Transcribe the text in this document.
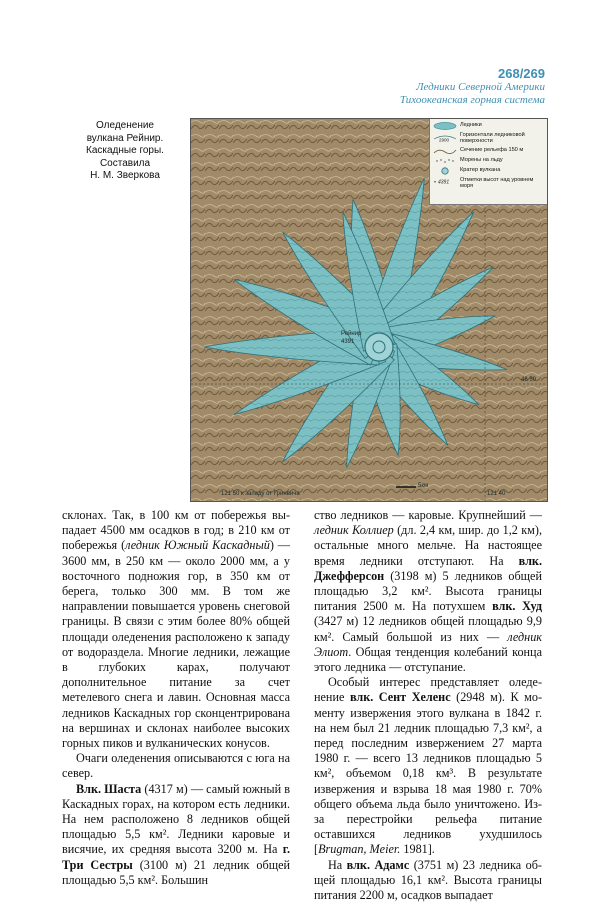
268/269
Ледники Северной Америки
Тихоокеанская горная система
Оледенение
вулкана Рейнир.
Каскадные горы.
Составила
Н. М. Зверкова
Рейнир
4391
46 50
121 50 к западу от Гринвича	121 40
5км
Ледники
2900
Горизонтали ледниковой поверхности
Сечение рельефа 150 м
Морены на льду
Кратер вулкана
• 4391 Отметки высот над уровнем моря

склонах. Так, в 100 км от побережья выпадает 4500 мм осадков в год; в 210 км от побережья (ледник Южный Каскадный) — 3600 мм, в 250 км — около 2000 мм, а у восточного подножия гор, в 350 км от берега, только 300 мм. В том же направлении повышается уровень снеговой границы. В связи с этим более 80% общей площади оледенения расположено к западу от водораздела. Многие ледники, лежащие в глубоких карах, получают дополнительное питание за счет метелевого снега и лавин. Основная масса ледников Каскадных гор сконцентрирована на вершинах и склонах наиболее высоких горных пиков и вулканических конусов.

Очаги оледенения описываются с юга на север.

Влк. Шаста (4317 м) — самый южный в Каскадных горах, на котором есть ледники. На нем расположено 8 ледников общей площадью 5,5 км². Ледники каровые и висячие, их средняя высота 3200 м. На г. Три Сестры (3100 м) 21 ледник общей площадью 5,5 км². Большин

ство ледников — каровые. Крупнейший — ледник Коллиер (дл. 2,4 км, шир. до 1,2 км), остальные много мельче. На настоящее время ледники отступают. На влк. Джефферсон (3198 м) 5 ледников общей площадью 3,2 км². Высота границы питания 2500 м. На потухшем влк. Худ (3427 м) 12 ледников общей площадью 9,9 км². Самый большой из них — ледник Элиот. Общая тенденция колебаний конца этого ледника — отступание.

Особый интерес представляет оледенение влк. Сент Хеленс (2948 м). К моменту извержения этого вулкана в 1842 г. на нем был 21 ледник площадью 7,3 км², а перед последним извержением 27 марта 1980 г. — всего 13 ледников площадью 5 км², объемом 0,18 км³. В результате извержения и взрыва 18 мая 1980 г. 70% общего объема льда было уничтожено. Из-за перестройки рельефа питание оставшихся ледников ухудшилось [Brugman, Meier. 1981].

На влк. Адамс (3751 м) 23 ледника общей площадью 16,1 км². Высота границы питания 2200 м, осадков выпадает
